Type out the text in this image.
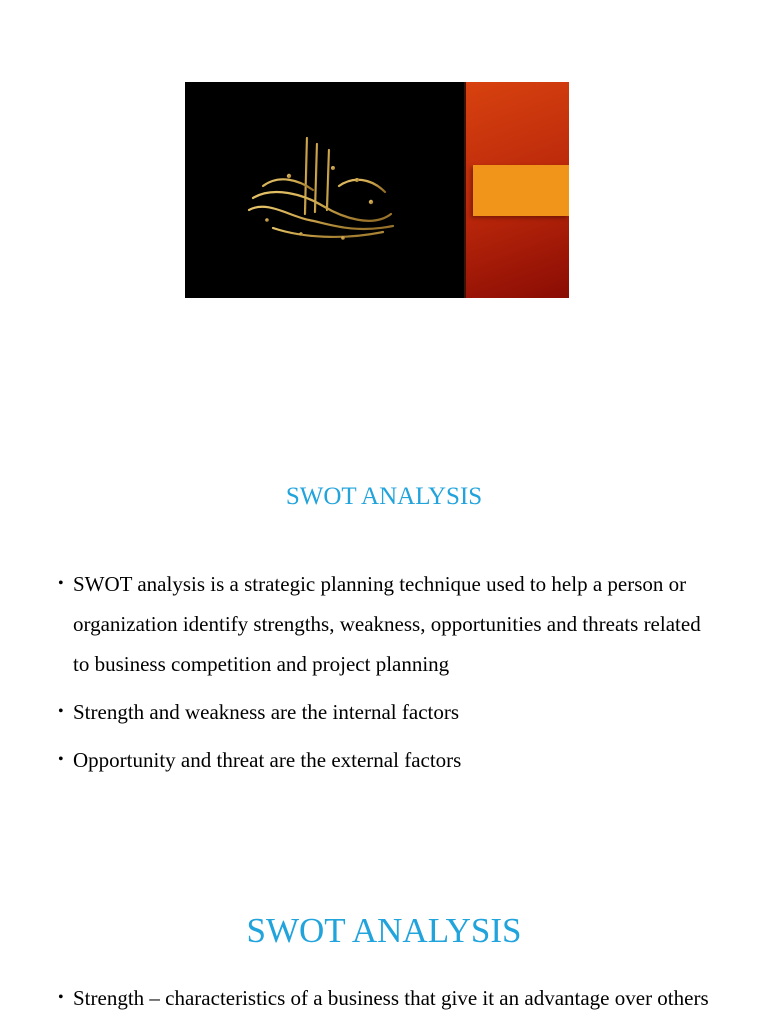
SWOT ANALYSIS
• SWOT analysis is a strategic planning technique used to help a person or organization identify strengths, weakness, opportunities and threats related to business competition and project planning
• Strength and weakness are the internal factors
• Opportunity and threat are the external factors
SWOT ANALYSIS
• Strength – characteristics of a business that give it an advantage over others
